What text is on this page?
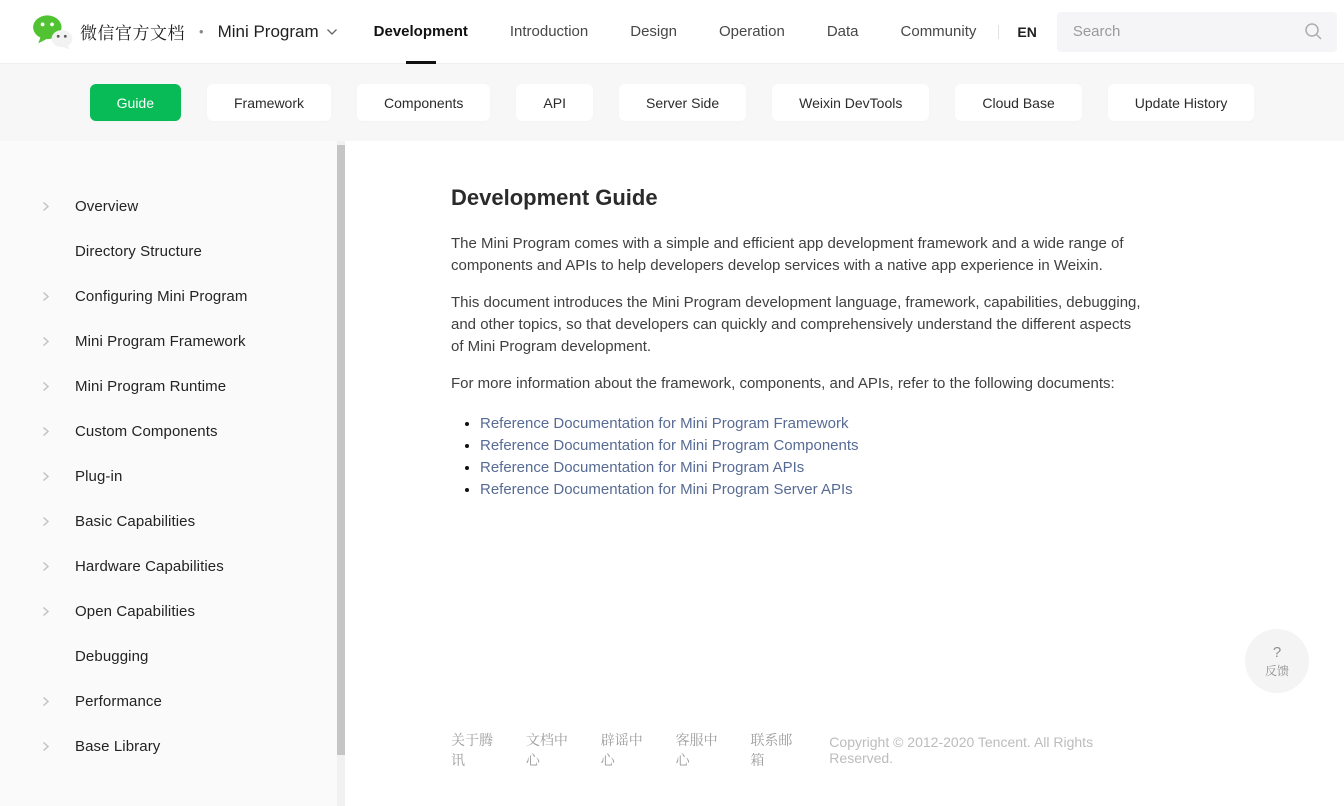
微信官方文档 • Mini Program	Development	Introduction	Design	Operation	Data	Community	EN
Search
Guide	Framework	Components	API	Server Side	Weixin DevTools	Cloud Base	Update History
Overview
Directory Structure
Configuring Mini Program
Mini Program Framework
Mini Program Runtime
Custom Components
Plug-in
Basic Capabilities
Hardware Capabilities
Open Capabilities
Debugging
Performance
Base Library
Development Guide

The Mini Program comes with a simple and efficient app development framework and a wide range of components and APIs to help developers develop services with a native app experience in Weixin.

This document introduces the Mini Program development language, framework, capabilities, debugging, and other topics, so that developers can quickly and comprehensively understand the different aspects of Mini Program development.

For more information about the framework, components, and APIs, refer to the following documents:

• Reference Documentation for Mini Program Framework
• Reference Documentation for Mini Program Components
• Reference Documentation for Mini Program APIs
• Reference Documentation for Mini Program Server APIs
关于腾讯
文档中心
辟谣中心
客服中心
联系邮箱
Copyright © 2012-2020 Tencent. All Rights Reserved.
?
反馈
